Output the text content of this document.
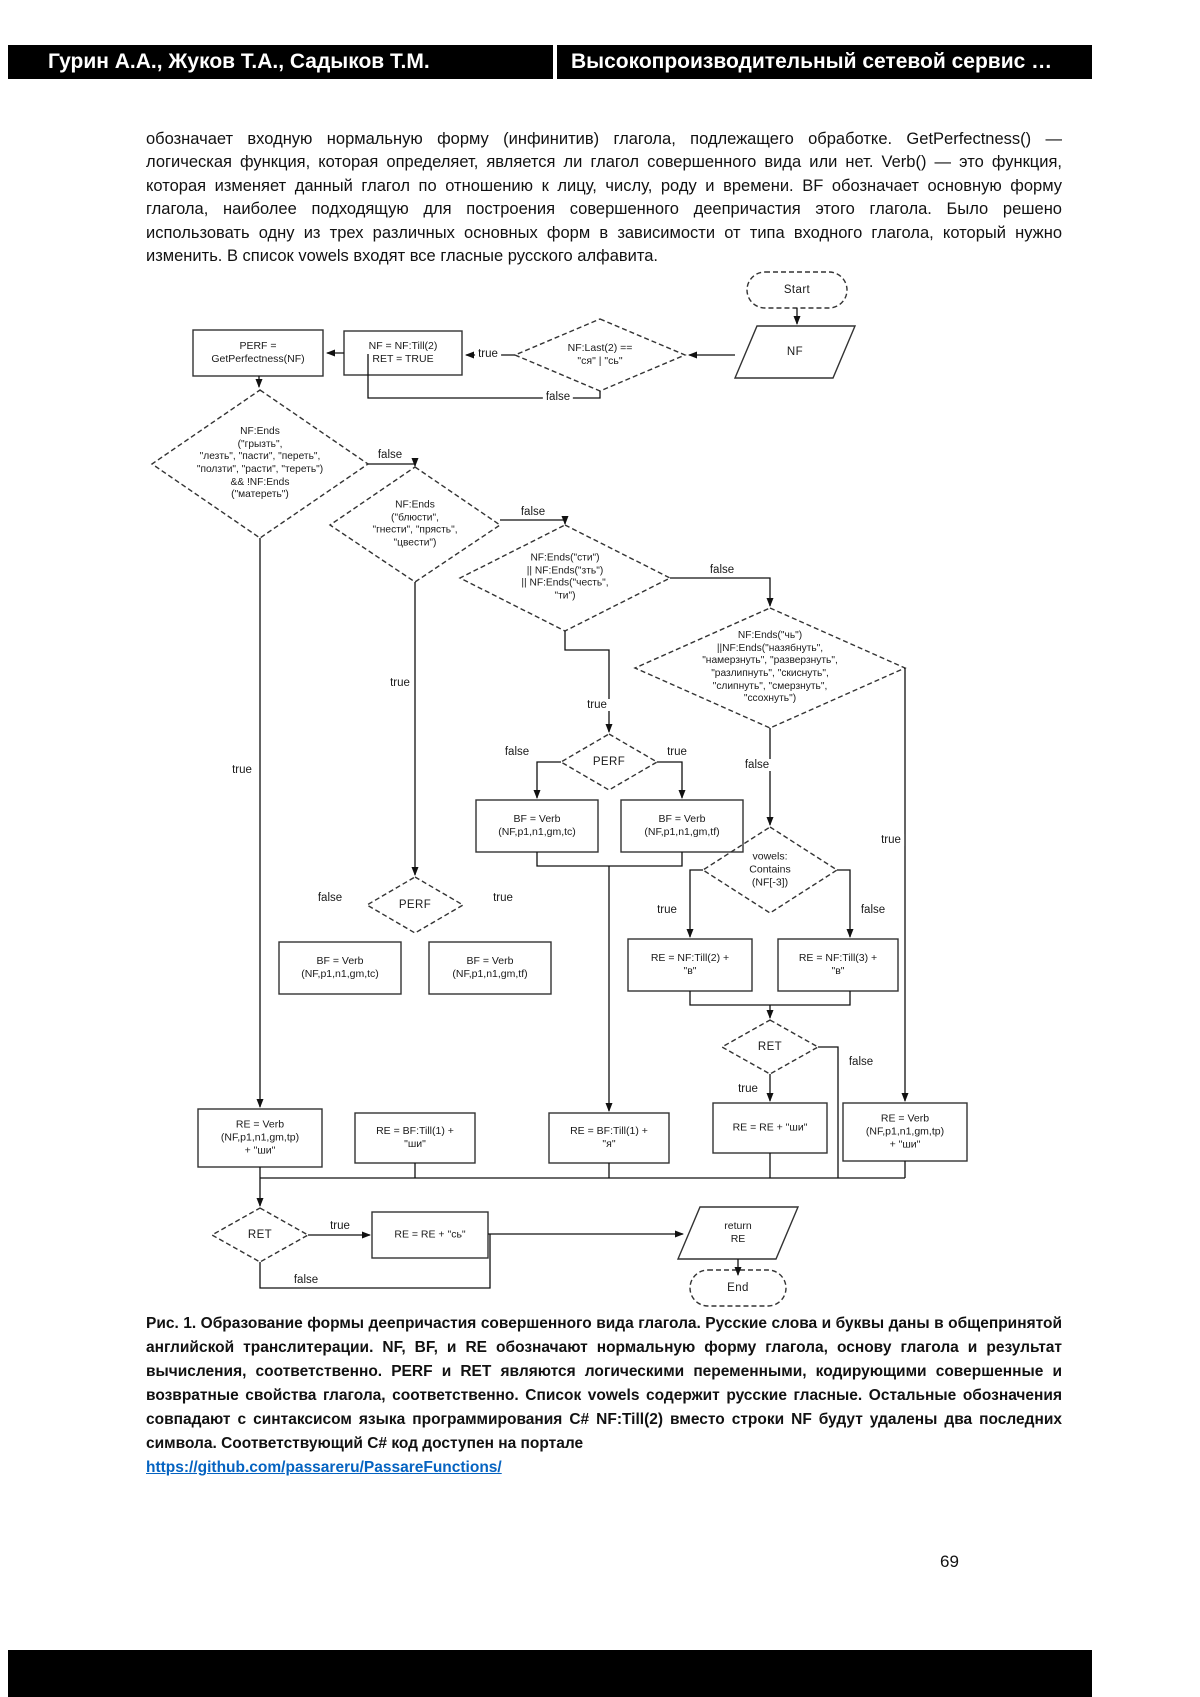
Гурин А.А., Жуков Т.А., Садыков Т.М.	Высокопроизводительный сетевой сервис …
обозначает входную нормальную форму (инфинитив) глагола, подлежащего обработке. GetPerfectness() — логическая функция, которая определяет, является ли глагол совершенного вида или нет. Verb() — это функция, которая изменяет данный глагол по отношению к лицу, числу, роду и времени. BF обозначает основную форму глагола, наиболее подходящую для построения совершенного деепричастия этого глагола. Было решено использовать одну из трех различных основных форм в зависимости от типа входного глагола, который нужно изменить. В список vowels входят все гласные русского алфавита.
Start
NF
NF:Last(2) ==
"ся" | "сь"
NF = NF:Till(2)
RET = TRUE
PERF =
GetPerfectness(NF)
NF:Ends
("грызть",
"лезть", "пасти", "переть",
"ползти", "расти", "тереть")
&& !NF:Ends
("матереть")
NF:Ends
("блюсти",
"гнести", "прясть",
"цвести")
NF:Ends("сти")
|| NF:Ends("зть")
|| NF:Ends("честь",
"ти")
NF:Ends("чь")
||NF:Ends("назябнуть",
"намерзнуть", "разверзнуть",
"разлипнуть", "скиснуть",
"слипнуть", "смерзнуть",
"ссохнуть")
PERF
BF = Verb
(NF,p1,n1,gm,tc)
BF = Verb
(NF,p1,n1,gm,tf)
PERF
BF = Verb
(NF,p1,n1,gm,tc)
BF = Verb
(NF,p1,n1,gm,tf)
vowels:
Contains
(NF[-3])
RE = NF:Till(2) +
"в"
RE = NF:Till(3) +
"в"
RET
RE = Verb
(NF,p1,n1,gm,tp)
+ "ши"
RE = BF:Till(1) +
"ши"
RE = BF:Till(1) +
"я"
RE = RE + "ши"
RE = Verb
(NF,p1,n1,gm,tp)
+ "ши"
RET	RE = RE + "сь"
return
RE
End
true
false
false
false
true
false
true
true
false
false	true
false	true
true	false
true
false
true
true
false
Рис. 1. Образование формы деепричастия совершенного вида глагола. Русские слова и буквы даны в общепринятой английской транслитерации. NF, BF, и RE обозначают нормальную форму глагола, основу глагола и результат вычисления, соответственно. PERF и RET являются логическими переменными, кодирующими совершенные и возвратные свойства глагола, соответственно. Список vowels содержит русские гласные. Остальные обозначения совпадают с синтаксисом языка программирования C# NF:Till(2) вместо строки NF будут удалены два последних символа. Соответствующий C# код доступен на портале
https://github.com/passareru/PassareFunctions/
69
